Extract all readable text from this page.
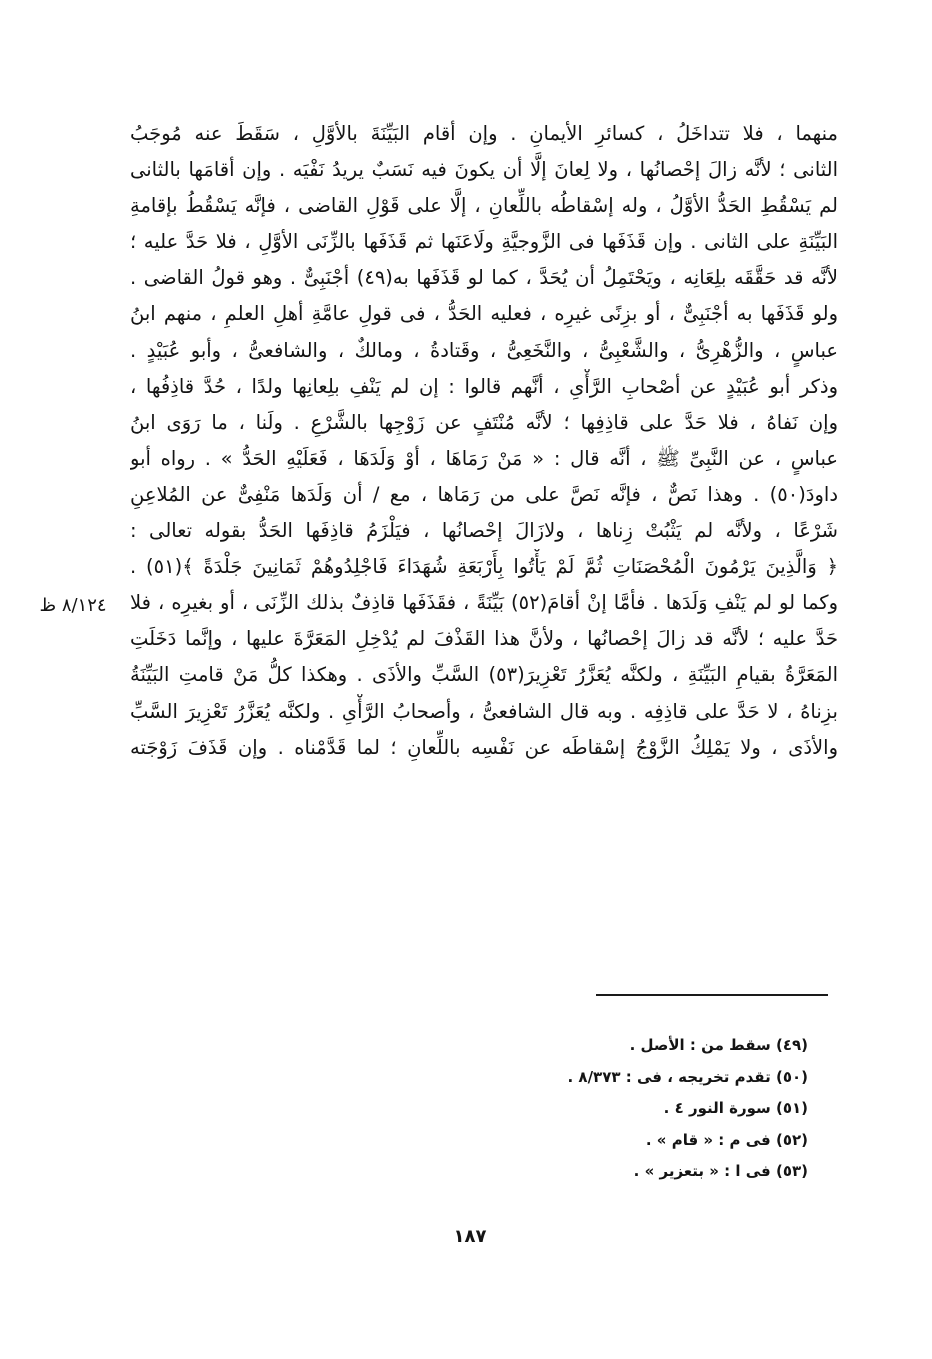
منهما ، فلا تتداخَلُ ، كسائرِ الأيمانِ . وإن أقام البَيِّنَةَ بالأوَّلِ ، سَقَطَ عنه مُوجَبُ
الثانى ؛ لأنَّه زالَ إحْصانُها ، ولا لِعانَ إلَّا أن يكونَ فيه نَسَبٌ يريدُ نَفْيَه . وإن أقامَها بالثانى
لم يَسْقُطِ الحَدُّ الأوَّلُ ، وله إسْقاطُه باللِّعانِ ، إلَّا على قَوْلِ القاضى ، فإنَّه يَسْقُطُ بإقامةِ
البَيِّنَةِ على الثانى . وإن قَذَفَها فى الزَّوجيَّةِ ولَاعَنَها ثم قَذَفَها بالزِّنَى الأوَّلِ ، فلا حَدَّ عليه ؛
لأنَّه قد حَقَّقَه بلِعَانِه ، ويَحْتَمِلُ أن يُحَدَّ ، كما لو قَذَفَها به(٤٩) أجْنَبِىٌّ . وهو قولُ القاضى .
ولو قَذَفَها به أجْنَبِىٌّ ، أو بزِنًى غيرِه ، فعليه الحَدُّ ، فى قولِ عامَّةِ أهلِ العلمِ ، منهم ابنُ
عباسٍ ، والزُّهْرِىُّ ، والشَّعْبِىُّ ، والنَّخَعِىُّ ، وقَتادةُ ، ومالكٌ ، والشافعىُّ ، وأبو عُبَيْدٍ .
وذكر أبو عُبَيْدٍ عن أصْحابِ الرَّأْىِ ، أنَّهم قالوا : إن لم يَنْفِ بلِعانِها ولدًا ، حُدَّ قاذِفُها ،
وإن نَفاهُ ، فلا حَدَّ على قاذِفِها ؛ لأنَّه مُنْتَفٍ عن زَوْجِها بالشَّرْعِ . ولَنا ، ما رَوَى ابنُ
عباسٍ ، عن النَّبِىِّ ﷺ ، أنَّه قال : « مَنْ رَمَاهَا ، أوْ وَلَدَهَا ، فَعَلَيْهِ الحَدُّ » . رواه أبو
داودَ(٥٠) . وهذا نَصٌّ ، فإنَّه نَصَّ على من رَمَاها ، مع / أن وَلَدَها مَنْفِىٌّ عن المُلاعِنِ
شَرْعًا ، ولأنَّه لم يَثْبُتْ زِناها ، ولازَالَ إحْصانُها ، فيَلْزَمُ قاذِفَها الحَدُّ بقوله تعالى :
﴿ وَالَّذِينَ يَرْمُونَ الْمُحْصَنَاتِ ثُمَّ لَمْ يَأْتُوا بِأَرْبَعَةِ شُهَدَاءَ فَاجْلِدُوهُمْ ثَمَانِينَ جَلْدَةً ﴾(٥١) .
وكما لو لم يَنْفِ وَلَدَها . فأمَّا إنْ أقامَ(٥٢) بَيِّنَةً ، فقَذَفَها قاذِفٌ بذلك الزِّنَى ، أو بغيرِه ، فلا
حَدَّ عليه ؛ لأنَّه قد زالَ إحْصانُها ، ولأنَّ هذا القَذْفَ لم يُدْخِلِ المَعَرَّةَ عليها ، وإنَّما دَخَلَتِ
المَعَرَّةُ بقيامِ البَيِّنَةِ ، ولكنَّه يُعَزَّرُ تَعْزِيرَ(٥٣) السَّبِّ والأذَى . وهكذا كلُّ مَنْ قامتِ البَيِّنَةُ
بزِناهُ ، لا حَدَّ على قاذِفِه . وبه قال الشافعىُّ ، وأصحابُ الرَّأْىِ . ولكنَّه يُعَزَّرُ تَعْزِيرَ السَّبِّ
والأذَى ، ولا يَمْلِكُ الزَّوْجُ إسْقاطَه عن نَفْسِه باللِّعانِ ؛ لما قَدَّمْناه . وإن قَذَفَ زَوْجَته
٨/١٢٤ ظ
(٤٩) سقط من : الأصل .
(٥٠) تقدم تخريجه ، فى : ٨/٣٧٣ .
(٥١) سورة النور ٤ .
(٥٢) فى م : « قام » .
(٥٣) فى ا : « بتعزير » .
١٨٧
